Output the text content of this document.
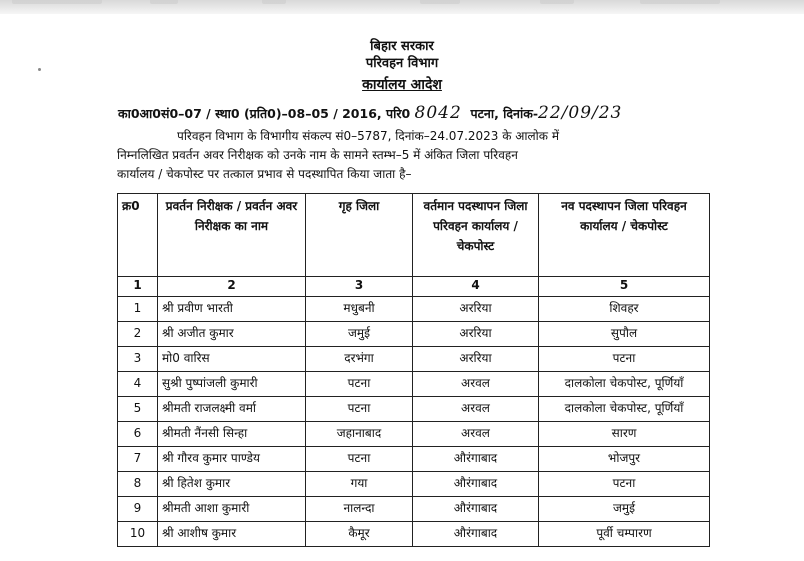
बिहार सरकार
परिवहन विभाग
कार्यालय आदेश
का0आ0सं0–07 / स्था0 (प्रति0)–08–05 / 2016, परि0 8042 पटना, दिनांक-22/09/23
परिवहन विभाग के विभागीय संकल्प सं0–5787, दिनांक–24.07.2023 के आलोक में
निम्नलिखित प्रवर्तन अवर निरीक्षक को उनके नाम के सामने स्तम्भ–5 में अंकित जिला परिवहन
कार्यालय / चेकपोस्ट पर तत्काल प्रभाव से पदस्थापित किया जाता है–
क्र0	प्रवर्तन निरीक्षक / प्रवर्तन अवर निरीक्षक का नाम	गृह जिला	वर्तमान पदस्थापन जिला परिवहन कार्यालय / चेकपोस्ट	नव पदस्थापन जिला परिवहन कार्यालय / चेकपोस्ट
1	2	3	4	5
1	श्री प्रवीण भारती	मधुबनी	अररिया	शिवहर
2	श्री अजीत कुमार	जमुई	अररिया	सुपौल
3	मो0 वारिस	दरभंगा	अररिया	पटना
4	सुश्री पुष्पांजली कुमारी	पटना	अरवल	दालकोला चेकपोस्ट, पूर्णियाँ
5	श्रीमती राजलक्ष्मी वर्मा	पटना	अरवल	दालकोला चेकपोस्ट, पूर्णियाँ
6	श्रीमती नैंनसी सिन्हा	जहानाबाद	अरवल	सारण
7	श्री गौरव कुमार पाण्डेय	पटना	औरंगाबाद	भोजपुर
8	श्री हितेश कुमार	गया	औरंगाबाद	पटना
9	श्रीमती आशा कुमारी	नालन्दा	औरंगाबाद	जमुई
10	श्री आशीष कुमार	कैमूर	औरंगाबाद	पूर्वी चम्पारण
